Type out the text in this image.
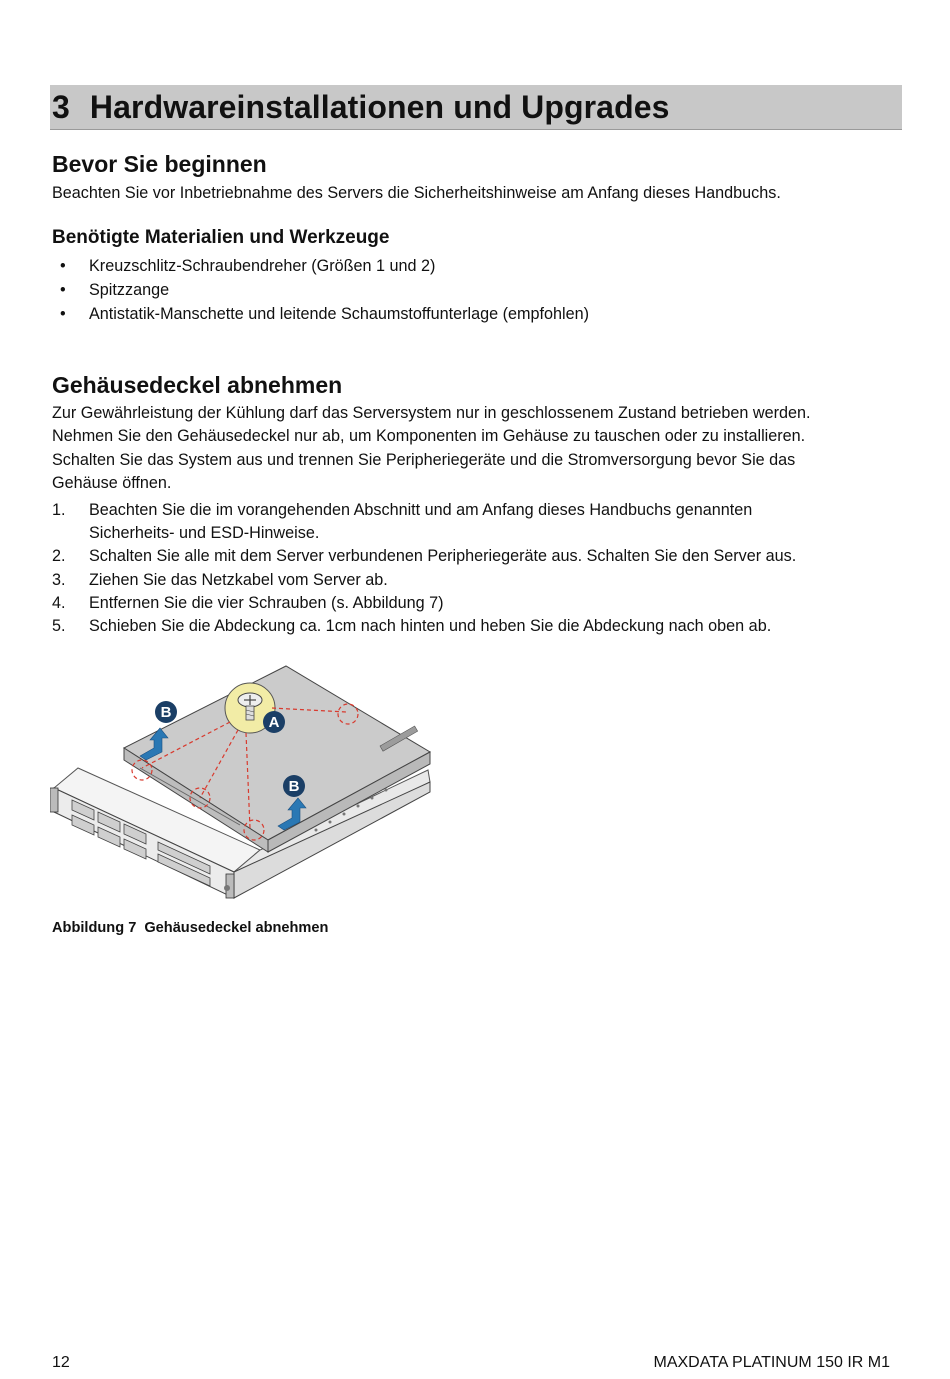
3 Hardwareinstallationen und Upgrades
Bevor Sie beginnen
Beachten Sie vor Inbetriebnahme des Servers die Sicherheitshinweise am Anfang dieses Handbuchs.
Benötigte Materialien und Werkzeuge
• Kreuzschlitz-Schraubendreher (Größen 1 und 2)
• Spitzzange
• Antistatik-Manschette und leitende Schaumstoffunterlage (empfohlen)
Gehäusedeckel abnehmen
Zur Gewährleistung der Kühlung darf das Serversystem nur in geschlossenem Zustand betrieben werden.
Nehmen Sie den Gehäusedeckel nur ab, um Komponenten im Gehäuse zu tauschen oder zu installieren.
Schalten Sie das System aus und trennen Sie Peripheriegeräte und die Stromversorgung bevor Sie das
Gehäuse öffnen.
1. Beachten Sie die im vorangehenden Abschnitt und am Anfang dieses Handbuchs genannten
Sicherheits- und ESD-Hinweise.
2. Schalten Sie alle mit dem Server verbundenen Peripheriegeräte aus. Schalten Sie den Server aus.
3. Ziehen Sie das Netzkabel vom Server ab.
4. Entfernen Sie die vier Schrauben (s. Abbildung 7)
5. Schieben Sie die Abdeckung ca. 1cm nach hinten und heben Sie die Abdeckung nach oben ab.
B
A
B
Abbildung 7 Gehäusedeckel abnehmen
12	MAXDATA PLATINUM 150 IR M1
